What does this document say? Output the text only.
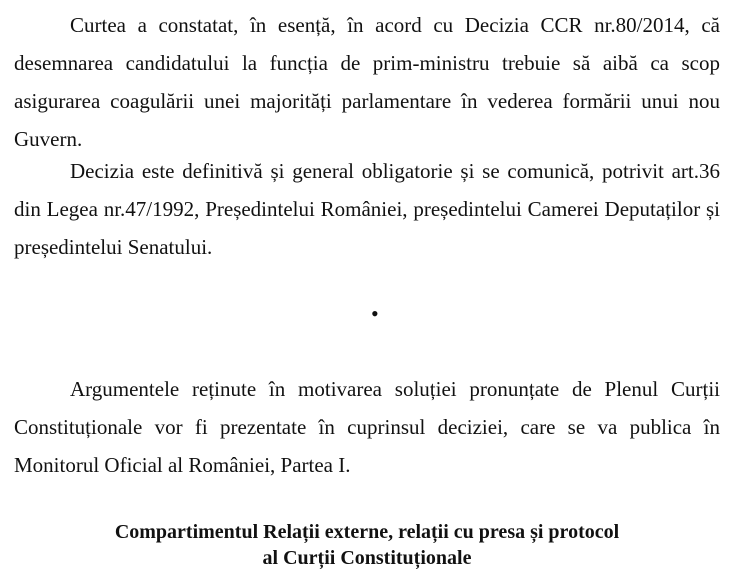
Curtea a constatat, în esență, în acord cu Decizia CCR nr.80/2014, că desemnarea candidatului la funcția de prim-ministru trebuie să aibă ca scop asigurarea coagulării unei majorități parlamentare în vederea formării unui nou Guvern.

Decizia este definitivă și general obligatorie și se comunică, potrivit art.36 din Legea nr.47/1992, Președintelui României, președintelui Camerei Deputaților și președintelui Senatului.

•

Argumentele reținute în motivarea soluției pronunțate de Plenul Curții Constituționale vor fi prezentate în cuprinsul deciziei, care se va publica în Monitorul Oficial al României, Partea I.

Compartimentul Relații externe, relații cu presa și protocol
al Curții Constituționale
